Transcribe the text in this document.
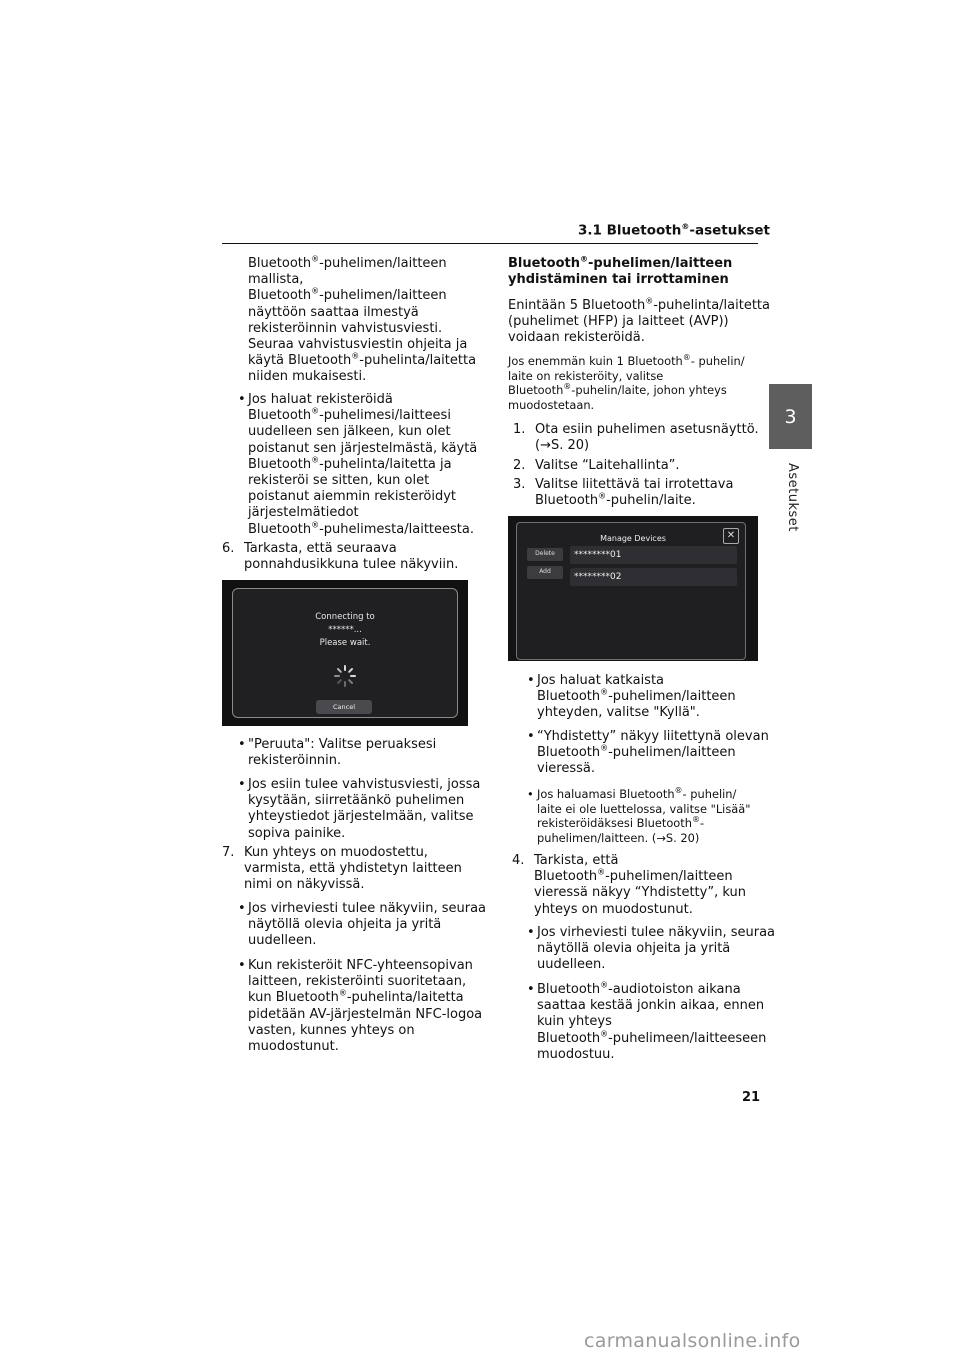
3.1 Bluetooth®-asetukset
3
Asetukset
Bluetooth®-puhelimen/laitteen
mallista,
Bluetooth®-puhelimen/laitteen
näyttöön saattaa ilmestyä
rekisteröinnin vahvistusviesti.
Seuraa vahvistusviestin ohjeita ja
käytä Bluetooth®-puhelinta/laitetta
niiden mukaisesti.
• Jos haluat rekisteröidä
Bluetooth®-puhelimesi/laitteesi
uudelleen sen jälkeen, kun olet
poistanut sen järjestelmästä, käytä
Bluetooth®-puhelinta/laitetta ja
rekisteröi se sitten, kun olet
poistanut aiemmin rekisteröidyt
järjestelmätiedot
Bluetooth®-puhelimesta/laitteesta.
6. Tarkasta, että seuraava
ponnahdusikkuna tulee näkyviin.
Connecting to
******...
Please wait.
Cancel
• "Peruuta": Valitse peruaksesi
rekisteröinnin.
• Jos esiin tulee vahvistusviesti, jossa
kysytään, siirretäänkö puhelimen
yhteystiedot järjestelmään, valitse
sopiva painike.
7. Kun yhteys on muodostettu,
varmista, että yhdistetyn laitteen
nimi on näkyvissä.
• Jos virheviesti tulee näkyviin, seuraa
näytöllä olevia ohjeita ja yritä
uudelleen.
• Kun rekisteröit NFC-yhteensopivan
laitteen, rekisteröinti suoritetaan,
kun Bluetooth®-puhelinta/laitetta
pidetään AV-järjestelmän NFC-logoa
vasten, kunnes yhteys on
muodostunut.
Bluetooth®-puhelimen/laitteen
yhdistäminen tai irrottaminen
Enintään 5 Bluetooth®-puhelinta/laitetta
(puhelimet (HFP) ja laitteet (AVP))
voidaan rekisteröidä.
Jos enemmän kuin 1 Bluetooth®- puhelin/
laite on rekisteröity, valitse
Bluetooth®-puhelin/laite, johon yhteys
muodostetaan.
1. Ota esiin puhelimen asetusnäyttö.
(→S. 20)
2. Valitse “Laitehallinta”.
3. Valitse liitettävä tai irrotettava
Bluetooth®-puhelin/laite.
Manage Devices	✕
Delete
Add
********01
********02
• Jos haluat katkaista
Bluetooth®-puhelimen/laitteen
yhteyden, valitse "Kyllä".
• “Yhdistetty” näkyy liitettynä olevan
Bluetooth®-puhelimen/laitteen
vieressä.
• Jos haluamasi Bluetooth®- puhelin/
laite ei ole luettelossa, valitse "Lisää"
rekisteröidäksesi Bluetooth®-
puhelimen/laitteen. (→S. 20)
4. Tarkista, että
Bluetooth®-puhelimen/laitteen
vieressä näkyy “Yhdistetty”, kun
yhteys on muodostunut.
• Jos virheviesti tulee näkyviin, seuraa
näytöllä olevia ohjeita ja yritä
uudelleen.
• Bluetooth®-audiotoiston aikana
saattaa kestää jonkin aikaa, ennen
kuin yhteys
Bluetooth®-puhelimeen/laitteeseen
muodostuu.
21
carmanualsonline.info
